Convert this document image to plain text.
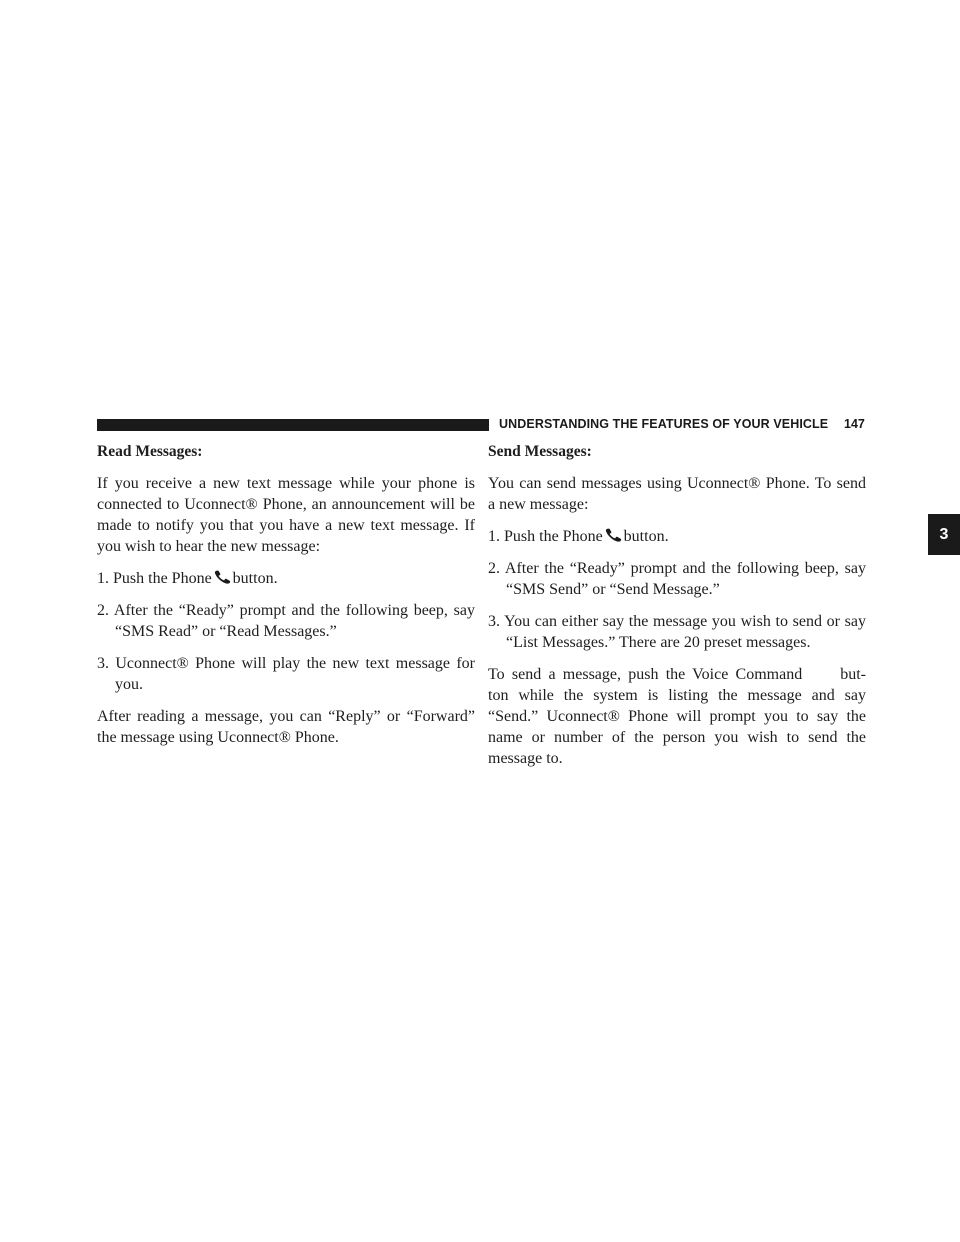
UNDERSTANDING THE FEATURES OF YOUR VEHICLE 147
3
Read Messages:
If you receive a new text message while your phone is connected to Uconnect® Phone, an announcement will be made to notify you that you have a new text message. If you wish to hear the new message:
1. Push the Phone button.
2. After the “Ready” prompt and the following beep, say “SMS Read” or “Read Messages.”
3. Uconnect® Phone will play the new text message for you.
After reading a message, you can “Reply” or “Forward” the message using Uconnect® Phone.
Send Messages:
You can send messages using Uconnect® Phone. To send a new message:
1. Push the Phone button.
2. After the “Ready” prompt and the following beep, say “SMS Send” or “Send Message.”
3. You can either say the message you wish to send or say “List Messages.” There are 20 preset messages.
To send a message, push the Voice Command but- ton while the system is listing the message and say “Send.” Uconnect® Phone will prompt you to say the name or number of the person you wish to send the message to.
